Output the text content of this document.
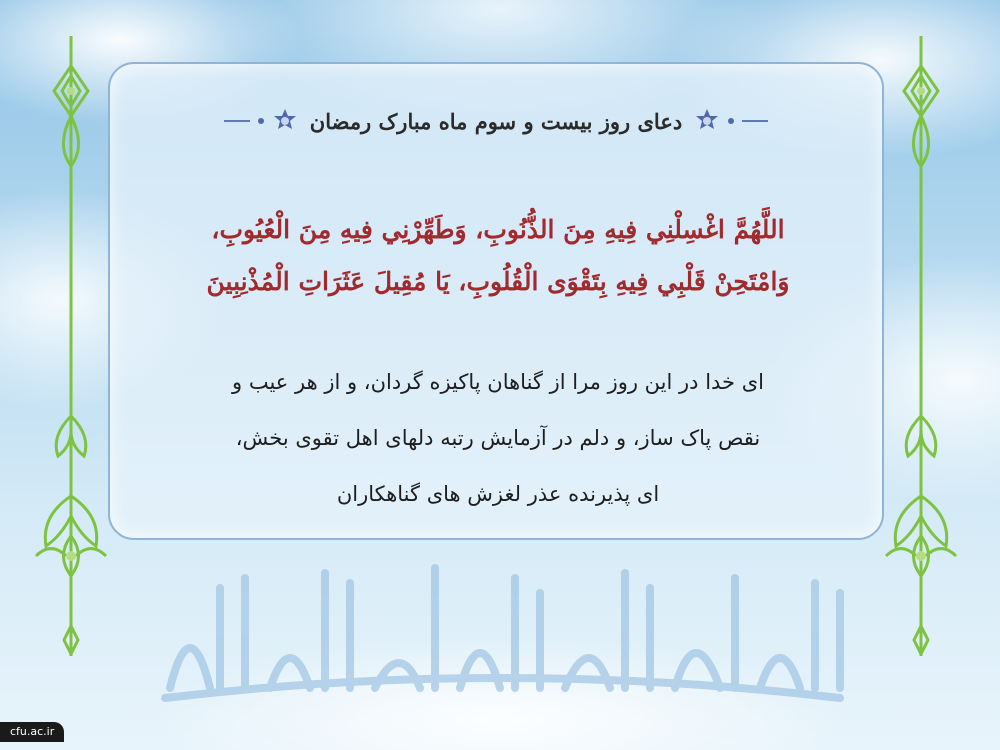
دعای روز بیست و سوم ماه مبارک رمضان
اللَّهُمَّ اغْسِلْنِي فِيهِ مِنَ الذُّنُوبِ، وَطَهِّرْنِي فِيهِ مِنَ الْعُيُوبِ،
وَامْتَحِنْ قَلْبِي فِيهِ بِتَقْوَى الْقُلُوبِ، يَا مُقِيلَ عَثَرَاتِ الْمُذْنِبِينَ
ای خدا در این روز مرا از گناهان پاکیزه گردان، و از هر عیب و
نقص پاک ساز، و دلم در آزمایش رتبه دلهای اهل تقوی بخش،
ای پذیرنده عذر لغزش های گناهکاران
cfu.ac.ir
